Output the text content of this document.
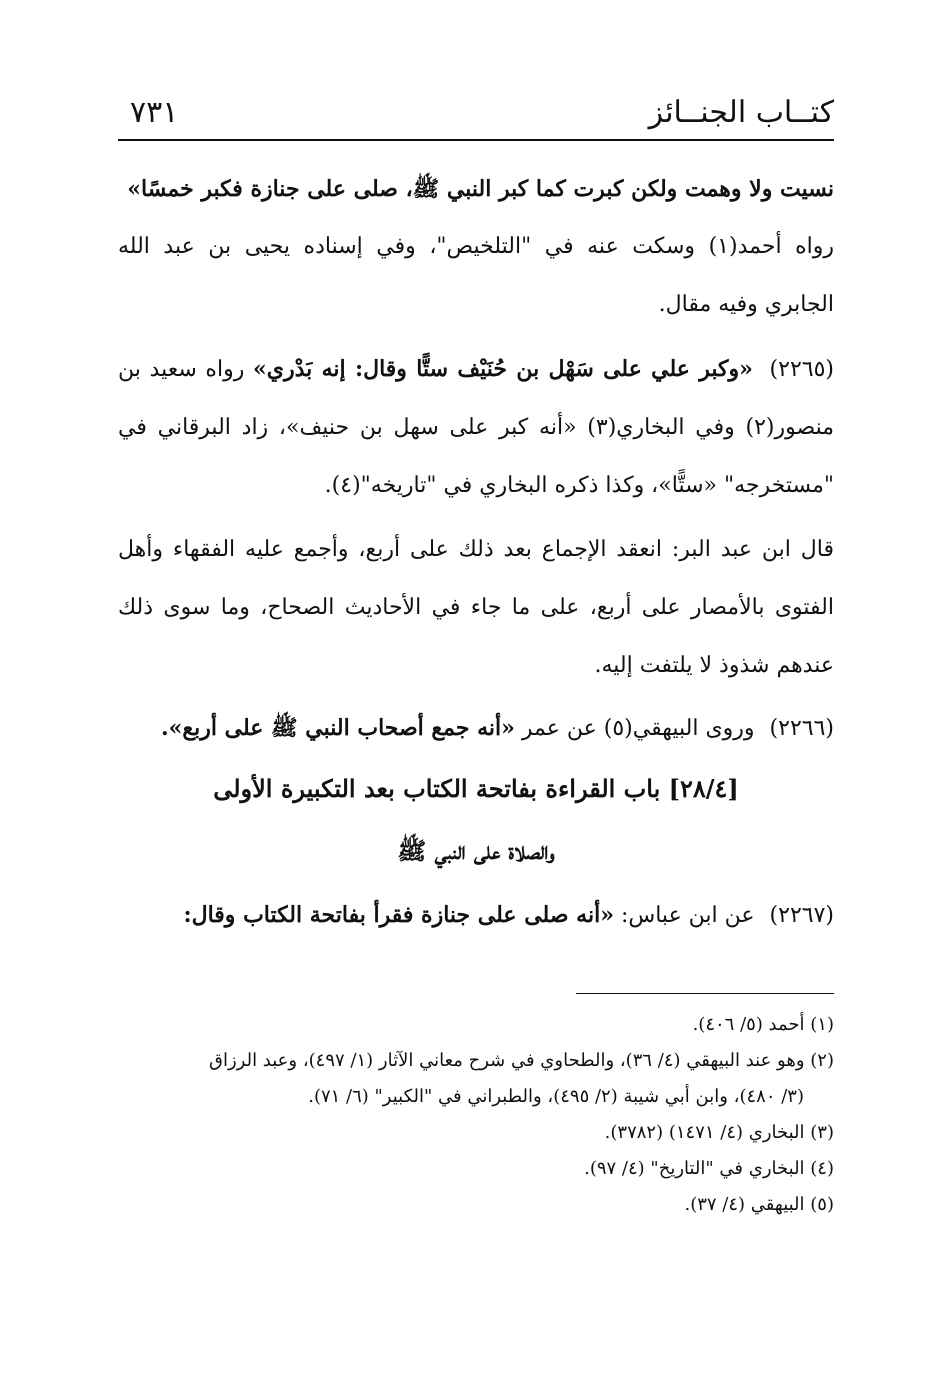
كتــاب الجنــائز
٧٣١

نسيت ولا وهمت ولكن كبرت كما كبر النبي ﷺ، صلى على جنازة فكبر خمسًا»

رواه أحمد(١) وسكت عنه في "التلخيص"، وفي إسناده يحيى بن عبد الله الجابري وفيه مقال.

(٢٢٦٥) «وكبر علي على سَهْل بن حُنَيْف ستًّا وقال: إنه بَدْري» رواه سعيد بن منصور(٢) وفي البخاري(٣) «أنه كبر على سهل بن حنيف»، زاد البرقاني في "مستخرجه" «ستًّا»، وكذا ذكره البخاري في "تاريخه"(٤).

قال ابن عبد البر: انعقد الإجماع بعد ذلك على أربع، وأجمع عليه الفقهاء وأهل الفتوى بالأمصار على أربع، على ما جاء في الأحاديث الصحاح، وما سوى ذلك عندهم شذوذ لا يلتفت إليه.

(٢٢٦٦) وروى البيهقي(٥) عن عمر «أنه جمع أصحاب النبي ﷺ على أربع».

[٢٨/٤] باب القراءة بفاتحة الكتاب بعد التكبيرة الأولى

والصلاة على النبي ﷺ

(٢٢٦٧) عن ابن عباس: «أنه صلى على جنازة فقرأ بفاتحة الكتاب وقال:

(١) أحمد (٥/ ٤٠٦).

(٢) وهو عند البيهقي (٤/ ٣٦)، والطحاوي في شرح معاني الآثار (١/ ٤٩٧)، وعبد الرزاق

(٣/ ٤٨٠)، وابن أبي شيبة (٢/ ٤٩٥)، والطبراني في "الكبير" (٦/ ٧١).

(٣) البخاري (٤/ ١٤٧١) (٣٧٨٢).

(٤) البخاري في "التاريخ" (٤/ ٩٧).

(٥) البيهقي (٤/ ٣٧).
